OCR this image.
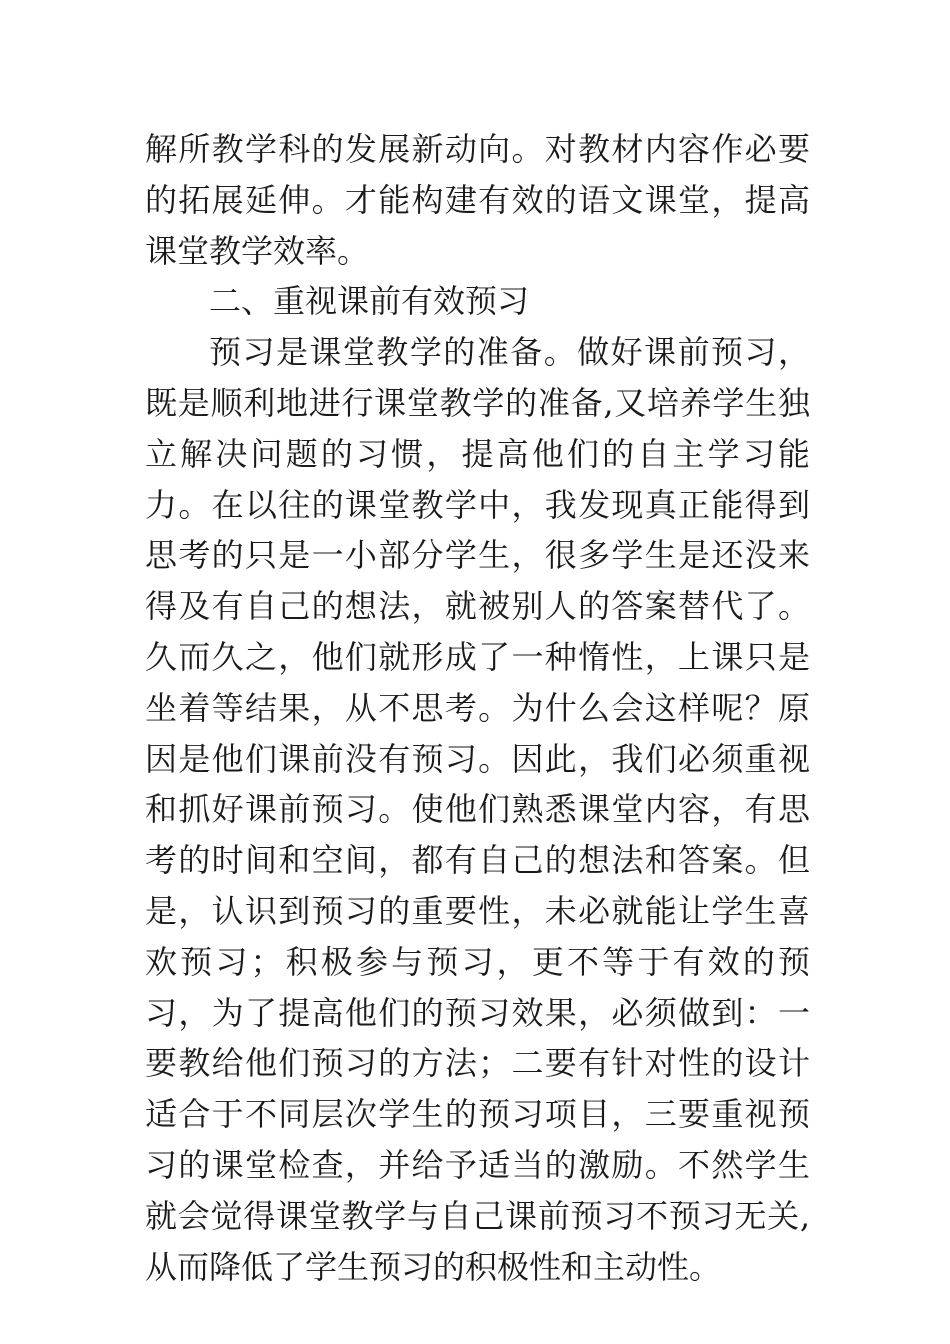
解所教学科的发展新动向。对教材内容作必要的拓展延伸。才能构建有效的语文课堂，提高课堂教学效率。

二、重视课前有效预习

预习是课堂教学的准备。做好课前预习，既是顺利地进行课堂教学的准备,又培养学生独立解决问题的习惯，提高他们的自主学习能力。在以往的课堂教学中，我发现真正能得到思考的只是一小部分学生，很多学生是还没来得及有自己的想法，就被别人的答案替代了。久而久之，他们就形成了一种惰性，上课只是坐着等结果，从不思考。为什么会这样呢？原因是他们课前没有预习。因此，我们必须重视和抓好课前预习。使他们熟悉课堂内容，有思考的时间和空间，都有自己的想法和答案。但是，认识到预习的重要性，未必就能让学生喜欢预习；积极参与预习，更不等于有效的预习，为了提高他们的预习效果，必须做到：一要教给他们预习的方法；二要有针对性的设计适合于不同层次学生的预习项目，三要重视预习的课堂检查，并给予适当的激励。不然学生就会觉得课堂教学与自己课前预习不预习无关,从而降低了学生预习的积极性和主动性。
